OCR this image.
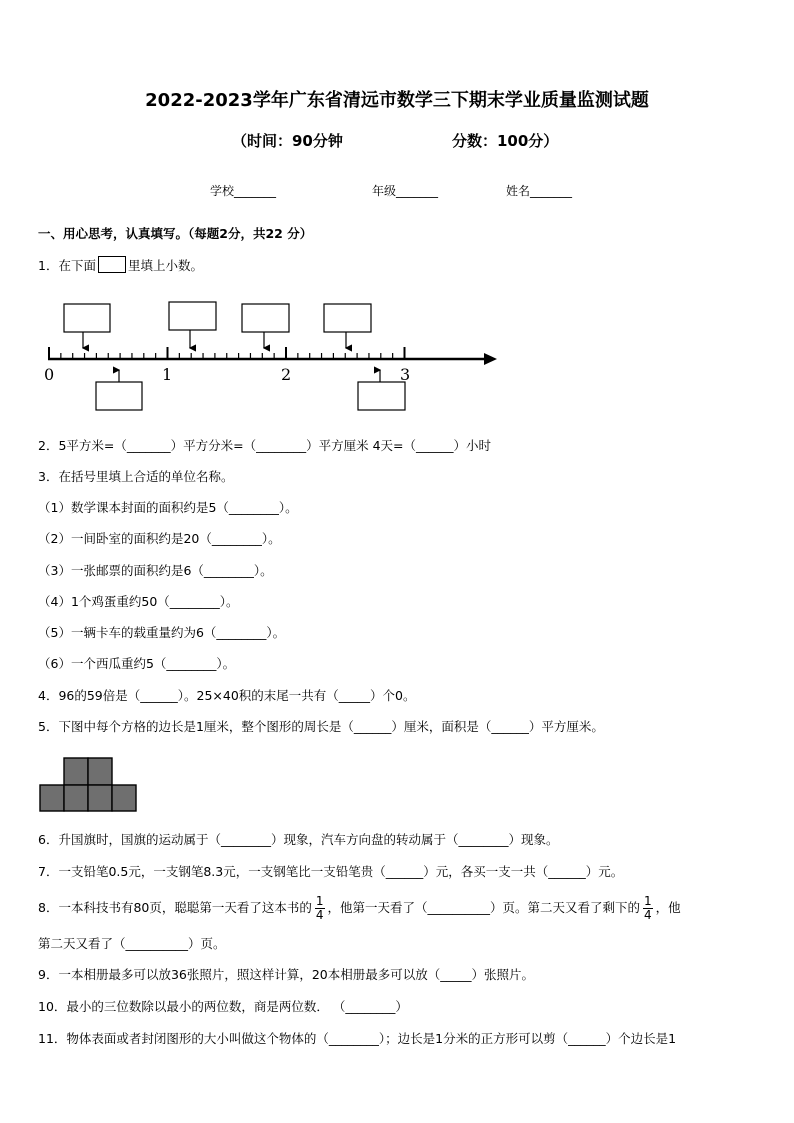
2022-2023学年广东省清远市数学三下期末学业质量监测试题
（时间：90分钟	分数：100分）
学校_______	年级_______	姓名_______
一、用心思考，认真填写。（每题2分，共22 分）
1．在下面	里填上小数。
0	1	2	3
2．5平方米=（_______）平方分米=（________）平方厘米 4天=（______）小时
3．在括号里填上合适的单位名称。
（1）数学课本封面的面积约是5（________）。
（2）一间卧室的面积约是20（________）。
（3）一张邮票的面积约是6（________）。
（4）1个鸡蛋重约50（________）。
（5）一辆卡车的载重量约为6（________）。
（6）一个西瓜重约5（________）。
4．96的59倍是（______）。25×40积的末尾一共有（_____）个0。
5．下图中每个方格的边长是1厘米，整个图形的周长是（______）厘米，面积是（______）平方厘米。
6．升国旗时，国旗的运动属于（________）现象，汽车方向盘的转动属于（________）现象。
7．一支铅笔0.5元，一支钢笔8.3元，一支钢笔比一支铅笔贵（______）元，各买一支一共（______）元。
8．一本科技书有80页，聪聪第一天看了这本书的 $\frac{1}{4}$ ，他第一天看了（__________）页。第二天又看了剩下的 $\frac{1}{4}$ ，他
第二天又看了（__________）页。
9．一本相册最多可以放36张照片，照这样计算，20本相册最多可以放（_____）张照片。
10．最小的三位数除以最小的两位数，商是两位数． （________）
11．物体表面或者封闭图形的大小叫做这个物体的（________）；边长是1分米的正方形可以剪（______）个边长是1
